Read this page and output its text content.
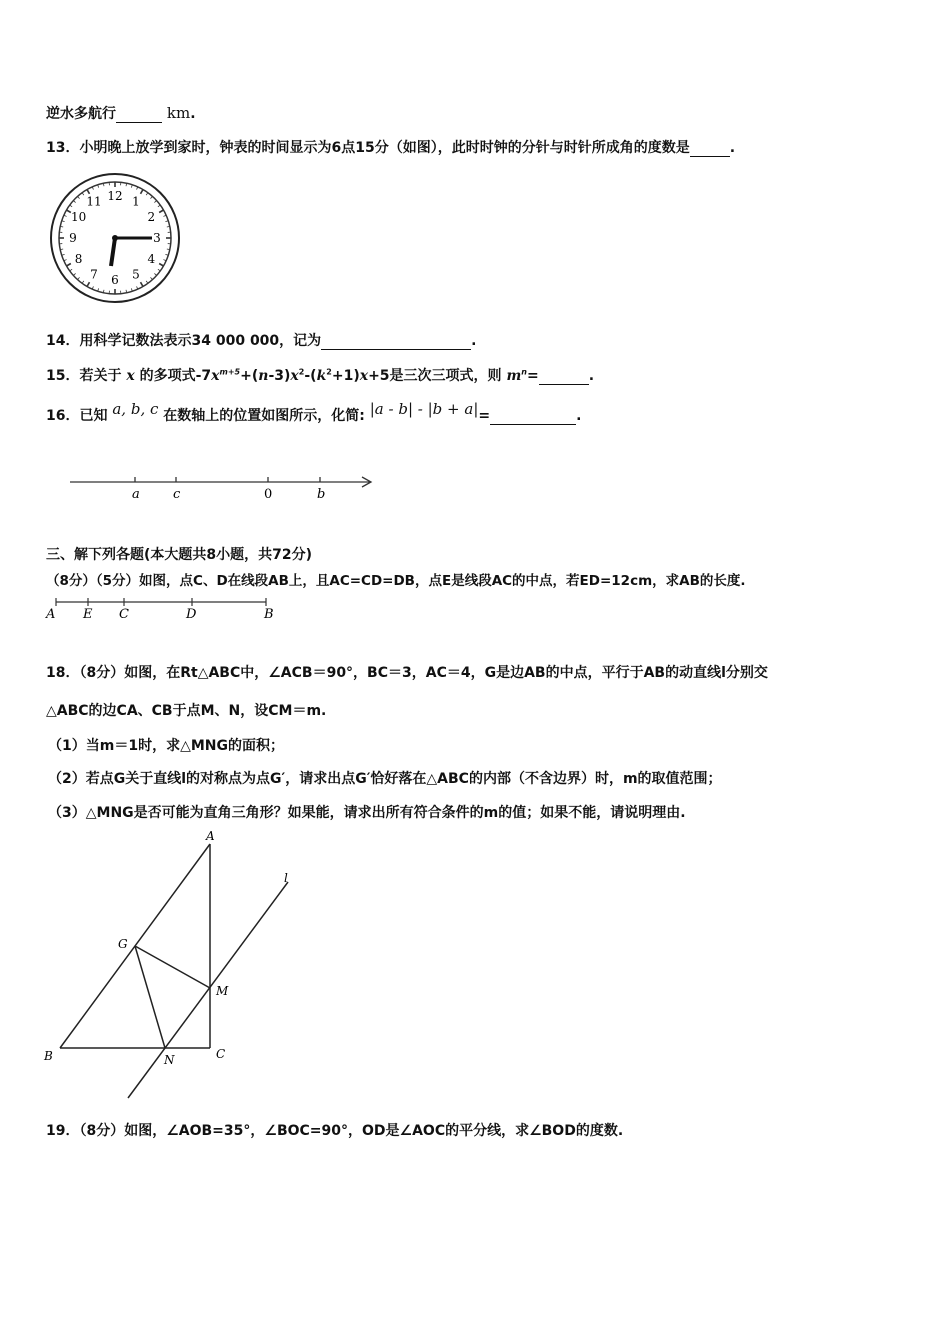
逆水多航行	km.
13．小明晚上放学到家时，钟表的时间显示为6点15分（如图），此时时钟的分针与时针所成角的度数是	.
12 1
2
3
4
5
6
7
8
9
10
11
14．用科学记数法表示34 000 000，记为	.
15．若关于 x 的多项式$-7x^{m+5}+(n-3)x^2-(k^2+1)x+5$是三次三项式，则 $m^n=$	.
16．已知 a, b, c 在数轴上的位置如图所示，化简: |a - b| - |b + a|=	.
a	c	0	b
三、解下列各题(本大题共8小题，共72分)
（8分）（5分）如图，点C、D在线段AB上，且AC=CD=DB，点E是线段AC的中点，若ED=12cm，求AB的长度.
A E C	D	B
18．（8分）如图，在Rt△ABC中，∠ACB＝90°，BC＝3，AC＝4，G是边AB的中点，平行于AB的动直线l分别交
△ABC的边CA、CB于点M、N，设CM＝m.
（1）当m＝1时，求△MNG的面积；
（2）若点G关于直线l的对称点为点G′，请求出点G′恰好落在△ABC的内部（不含边界）时，m的取值范围；
（3）△MNG是否可能为直角三角形？如果能，请求出所有符合条件的m的值；如果不能，请说明理由.
A
B	C
G
M
N
l
19．（8分）如图，∠AOB=35°，∠BOC=90°，OD是∠AOC的平分线，求∠BOD的度数.
